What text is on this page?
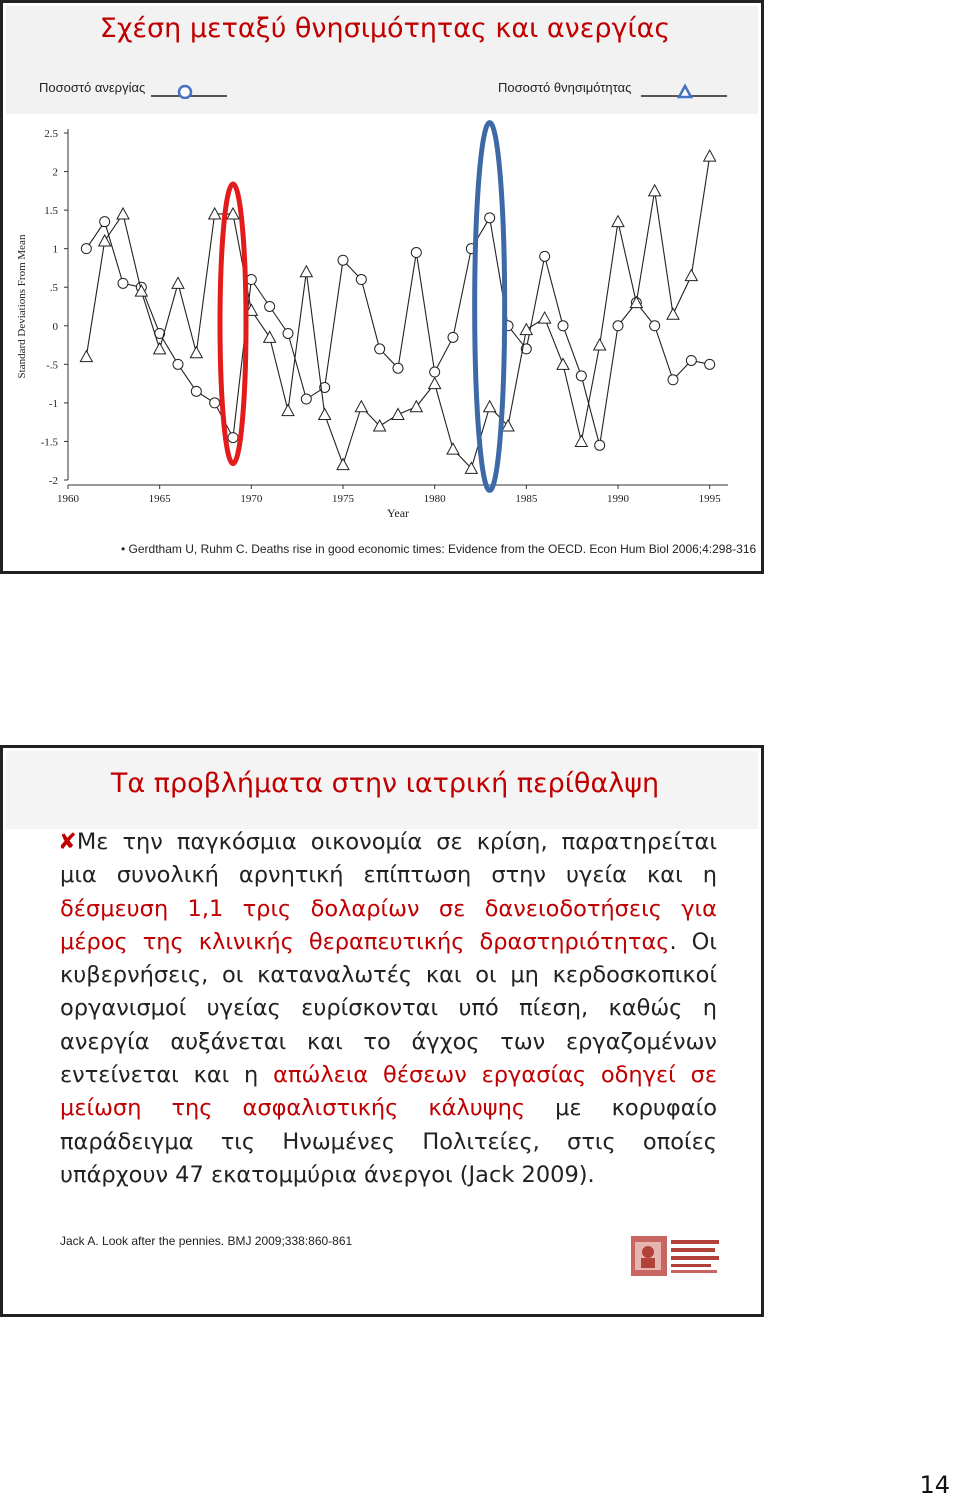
Σχέση μεταξύ θνησιμότητας και ανεργίας
Ποσοστό ανεργίας	Ποσοστό θνησιμότητας
2.5
2
1.5
1
.5
0
-.5
-1
-1.5
-2
1960	1965	1970	1975	1980	1985	1990	1995
Year
Standard Deviations From Mean
• Gerdtham U, Ruhm C. Deaths rise in good economic times: Evidence from the OECD. Econ Hum Biol 2006;4:298-316
Τα προβλήματα στην ιατρική περίθαλψη
✘Με την παγκόσμια οικονομία σε κρίση, παρατηρείται μια συνολική αρνητική επίπτωση στην υγεία και η δέσμευση 1,1 τρις δολαρίων σε δανειοδοτήσεις για μέρος της κλινικής θεραπευτικής δραστηριότητας. Οι κυβερνήσεις, οι καταναλωτές και οι μη κερδοσκοπικοί οργανισμοί υγείας ευρίσκονται υπό πίεση, καθώς η ανεργία αυξάνεται και το άγχος των εργαζομένων εντείνεται και η απώλεια θέσεων εργασίας οδηγεί σε μείωση της ασφαλιστικής κάλυψης με κορυφαίο παράδειγμα τις Ηνωμένες Πολιτείες, στις οποίες υπάρχουν 47 εκατομμύρια άνεργοι (Jack 2009).
Jack A. Look after the pennies. BMJ 2009;338:860-861
14
